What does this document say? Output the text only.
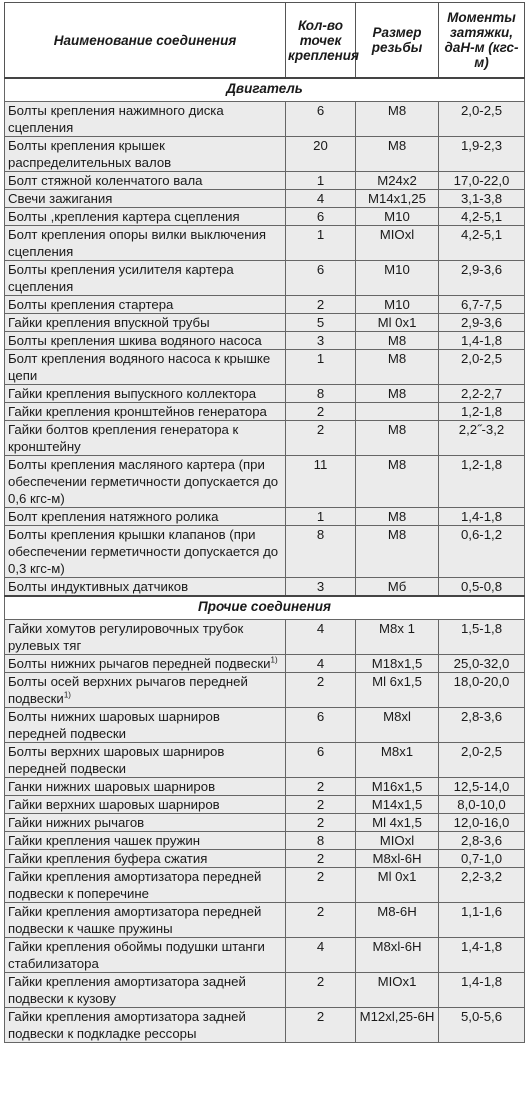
Наименование соединения	Кол-во точек крепления	Размер резьбы	Моменты затяжки, даН-м (кгс-м)
Двигатель			
Болты крепления нажимного диска сцепления	6	М8	2,0-2,5
Болты крепления крышек распределительных валов	20	М8	1,9-2,3
Болт стяжной коленчатого вала	1	М24х2	17,0-22,0
Свечи зажигания	4	М14х1,25	3,1-3,8
Болты ,крепления картера сцепления	6	М10	4,2-5,1
Болт крепления опоры вилки выключения сцепления	1	МIOxl	4,2-5,1
Болты крепления усилителя картера сцепления	6	М10	2,9-3,6
Болты крепления стартера	2	М10	6,7-7,5
Гайки крепления впускной трубы	5	Ml 0x1	2,9-3,6
Болты крепления шкива водяного насоса	3	М8	1,4-1,8
Болт крепления водяного насоса к крышке цепи	1	М8	2,0-2,5
Гайки крепления выпускного коллектора	8	М8	2,2-2,7
Гайки крепления кронштейнов генератора	2		1,2-1,8
Гайки болтов крепления генератора к кронштейну	2	М8	2,2˝-3,2
Болты крепления масляного картера (при обеспечении герметичности допускается до 0,6 кгс-м)	11	М8	1,2-1,8
Болт крепления натяжного ролика	1	М8	1,4-1,8
Болты крепления крышки клапанов (при обеспечении герметичности допускается до 0,3 кгс-м)	8	М8	0,6-1,2
Болты индуктивных датчиков	3	Мб	0,5-0,8
Прочие соединения			
Гайки хомутов регулировочных трубок рулевых тяг	4	М8х 1	1,5-1,8
Болты нижних рычагов передней подвески$^{1)}$	4	М18х1,5	25,0-32,0
Болты осей верхних рычагов передней подвески$^{1)}$	2	Ml 6х1,5	18,0-20,0
Болты нижних шаровых шарниров передней подвески	6	M8xl	2,8-3,6
Болты верхних шаровых шарниров передней подвески	6	М8х1	2,0-2,5
Ганки нижних шаровых шарниров	2	М16х1,5	12,5-14,0
Гайки верхних шаровых шарниров	2	М14х1,5	8,0-10,0
Гайки нижних рычагов	2	Ml 4х1,5	12,0-16,0
Гайки крепления чашек пружин	8	МIOxl	2,8-3,6
Гайки крепления буфера сжатия	2	M8xl-6H	0,7-1,0
Гайки крепления амортизатора передней подвески к поперечине	2	Ml 0x1	2,2-3,2
Гайки крепления амортизатора передней подвески к чашке пружины	2	М8-6Н	1,1-1,6
Гайки крепления обоймы подушки штанги стабилизатора	4	M8xl-6H	1,4-1,8
Гайки крепления амортизатора задней подвески к кузову	2	МIOх1	1,4-1,8
Гайки крепления амортизатора задней подвески к подкладке рессоры	2	M12xl,25-6H	5,0-5,6
